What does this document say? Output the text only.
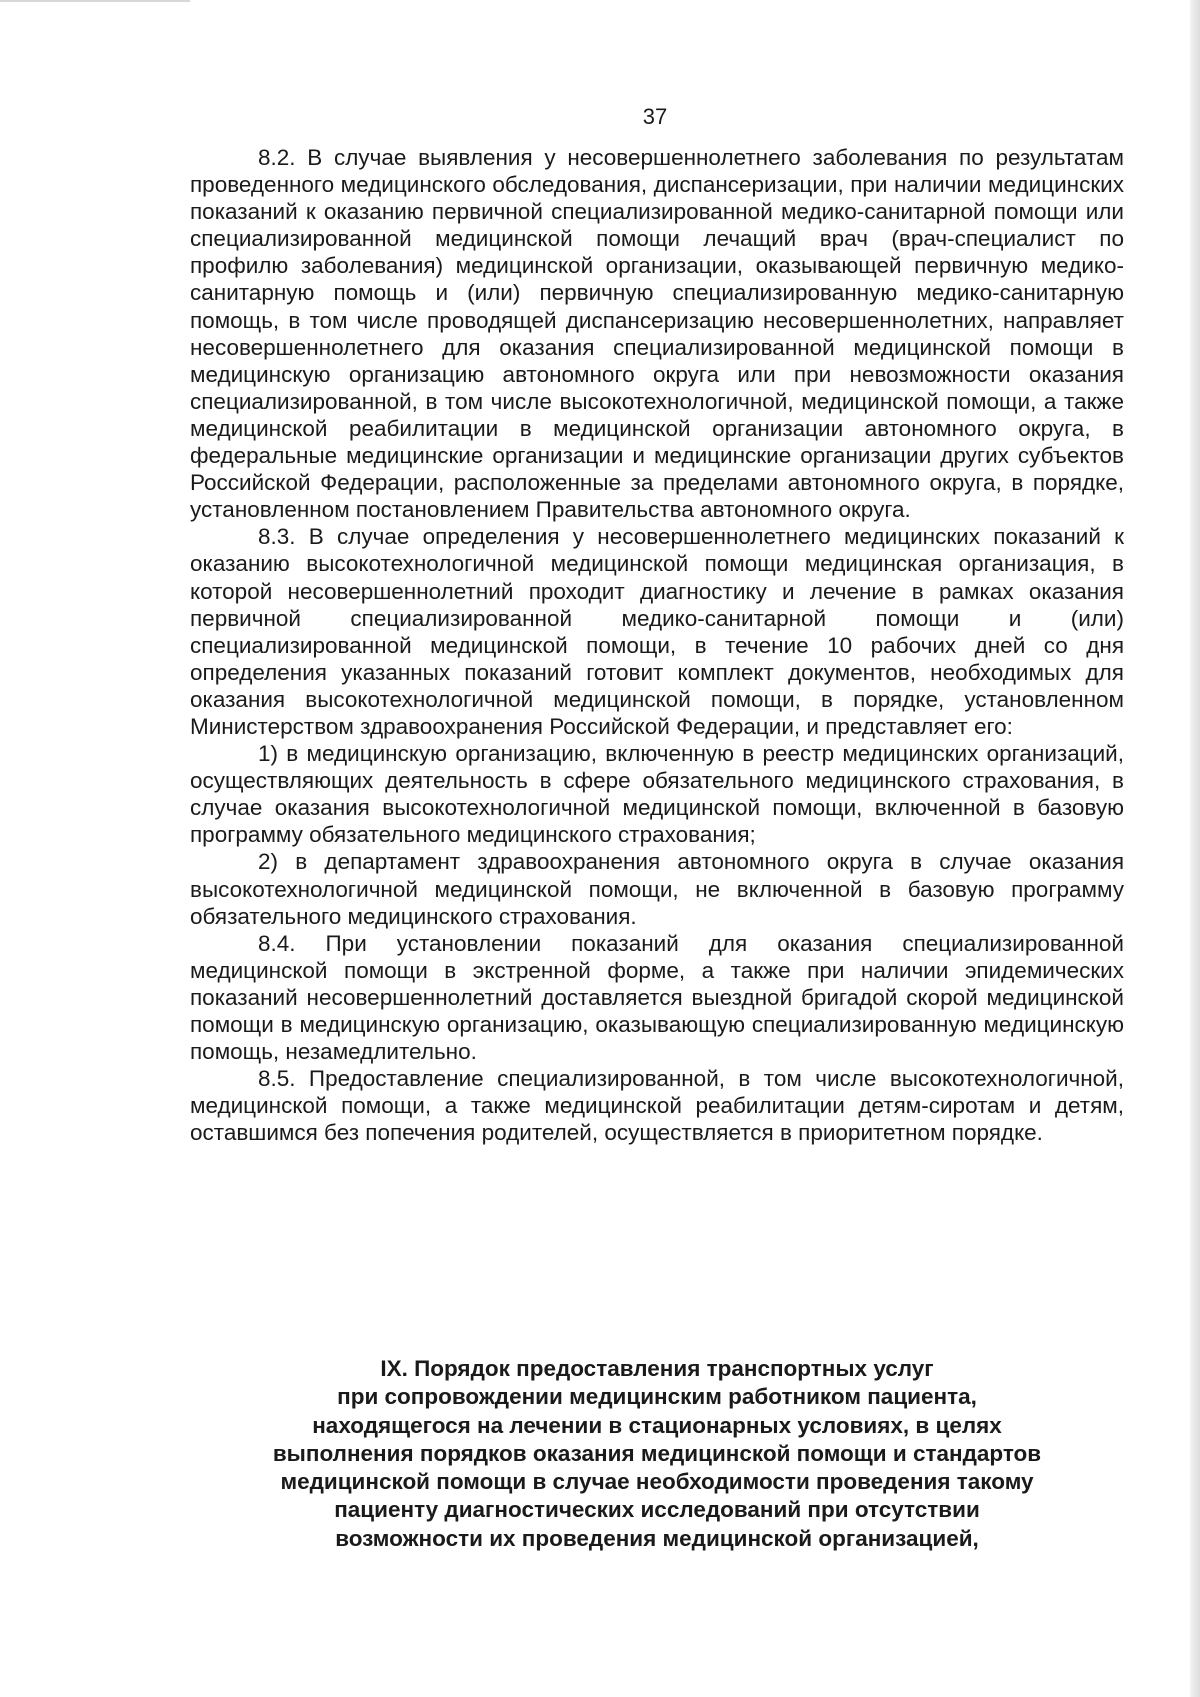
37

8.2. В случае выявления у несовершеннолетнего заболевания по результатам проведенного медицинского обследования, диспансеризации, при наличии медицинских показаний к оказанию первичной специализированной медико-санитарной помощи или специализированной медицинской помощи лечащий врач (врач-специалист по профилю заболевания) медицинской организации, оказывающей первичную медико-санитарную помощь и (или) первичную специализированную медико-санитарную помощь, в том числе проводящей диспансеризацию несовершеннолетних, направляет несовершеннолетнего для оказания специализированной медицинской помощи в медицинскую организацию автономного округа или при невозможности оказания специализированной, в том числе высокотехнологичной, медицинской помощи, а также медицинской реабилитации в медицинской организации автономного округа, в федеральные медицинские организации и медицинские организации других субъектов Российской Федерации, расположенные за пределами автономного округа, в порядке, установленном постановлением Правительства автономного округа.

8.3. В случае определения у несовершеннолетнего медицинских показаний к оказанию высокотехнологичной медицинской помощи медицинская организация, в которой несовершеннолетний проходит диагностику и лечение в рамках оказания первичной специализированной медико-санитарной помощи и (или) специализированной медицинской помощи, в течение 10 рабочих дней со дня определения указанных показаний готовит комплект документов, необходимых для оказания высокотехнологичной медицинской помощи, в порядке, установленном Министерством здравоохранения Российской Федерации, и представляет его:

1) в медицинскую организацию, включенную в реестр медицинских организаций, осуществляющих деятельность в сфере обязательного медицинского страхования, в случае оказания высокотехнологичной медицинской помощи, включенной в базовую программу обязательного медицинского страхования;

2) в департамент здравоохранения автономного округа в случае оказания высокотехнологичной медицинской помощи, не включенной в базовую программу обязательного медицинского страхования.

8.4. При установлении показаний для оказания специализированной медицинской помощи в экстренной форме, а также при наличии эпидемических показаний несовершеннолетний доставляется выездной бригадой скорой медицинской помощи в медицинскую организацию, оказывающую специализированную медицинскую помощь, незамедлительно.

8.5. Предоставление специализированной, в том числе высокотехнологичной, медицинской помощи, а также медицинской реабилитации детям-сиротам и детям, оставшимся без попечения родителей, осуществляется в приоритетном порядке.

IX. Порядок предоставления транспортных услуг
при сопровождении медицинским работником пациента,
находящегося на лечении в стационарных условиях, в целях
выполнения порядков оказания медицинской помощи и стандартов
медицинской помощи в случае необходимости проведения такому
пациенту диагностических исследований при отсутствии
возможности их проведения медицинской организацией,
